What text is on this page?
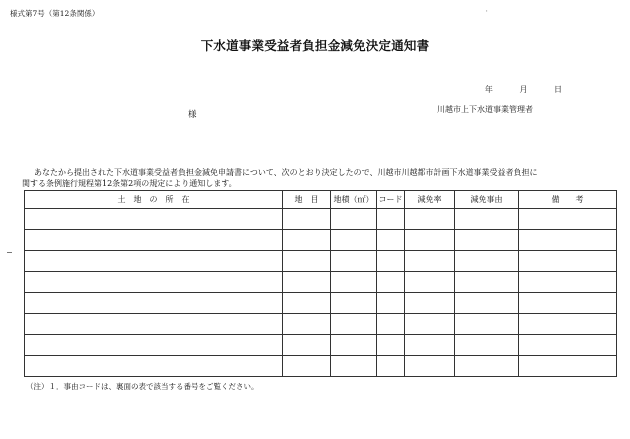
様式第7号（第12条関係）	'
下水道事業受益者負担金減免決定通知書
年	月	日
様
川越市上下水道事業管理者
あなたから提出された下水道事業受益者負担金減免申請書について、次のとおり決定したので、川越市川越都市計画下水道事業受益者負担に
関する条例施行規程第12条第2項の規定により通知します。
土　地　の　所　在	地　目	地積（㎡）	コード	減免率	減免事由	備　　考

（注）１．事由コードは、裏面の表で該当する番号をご覧ください。
